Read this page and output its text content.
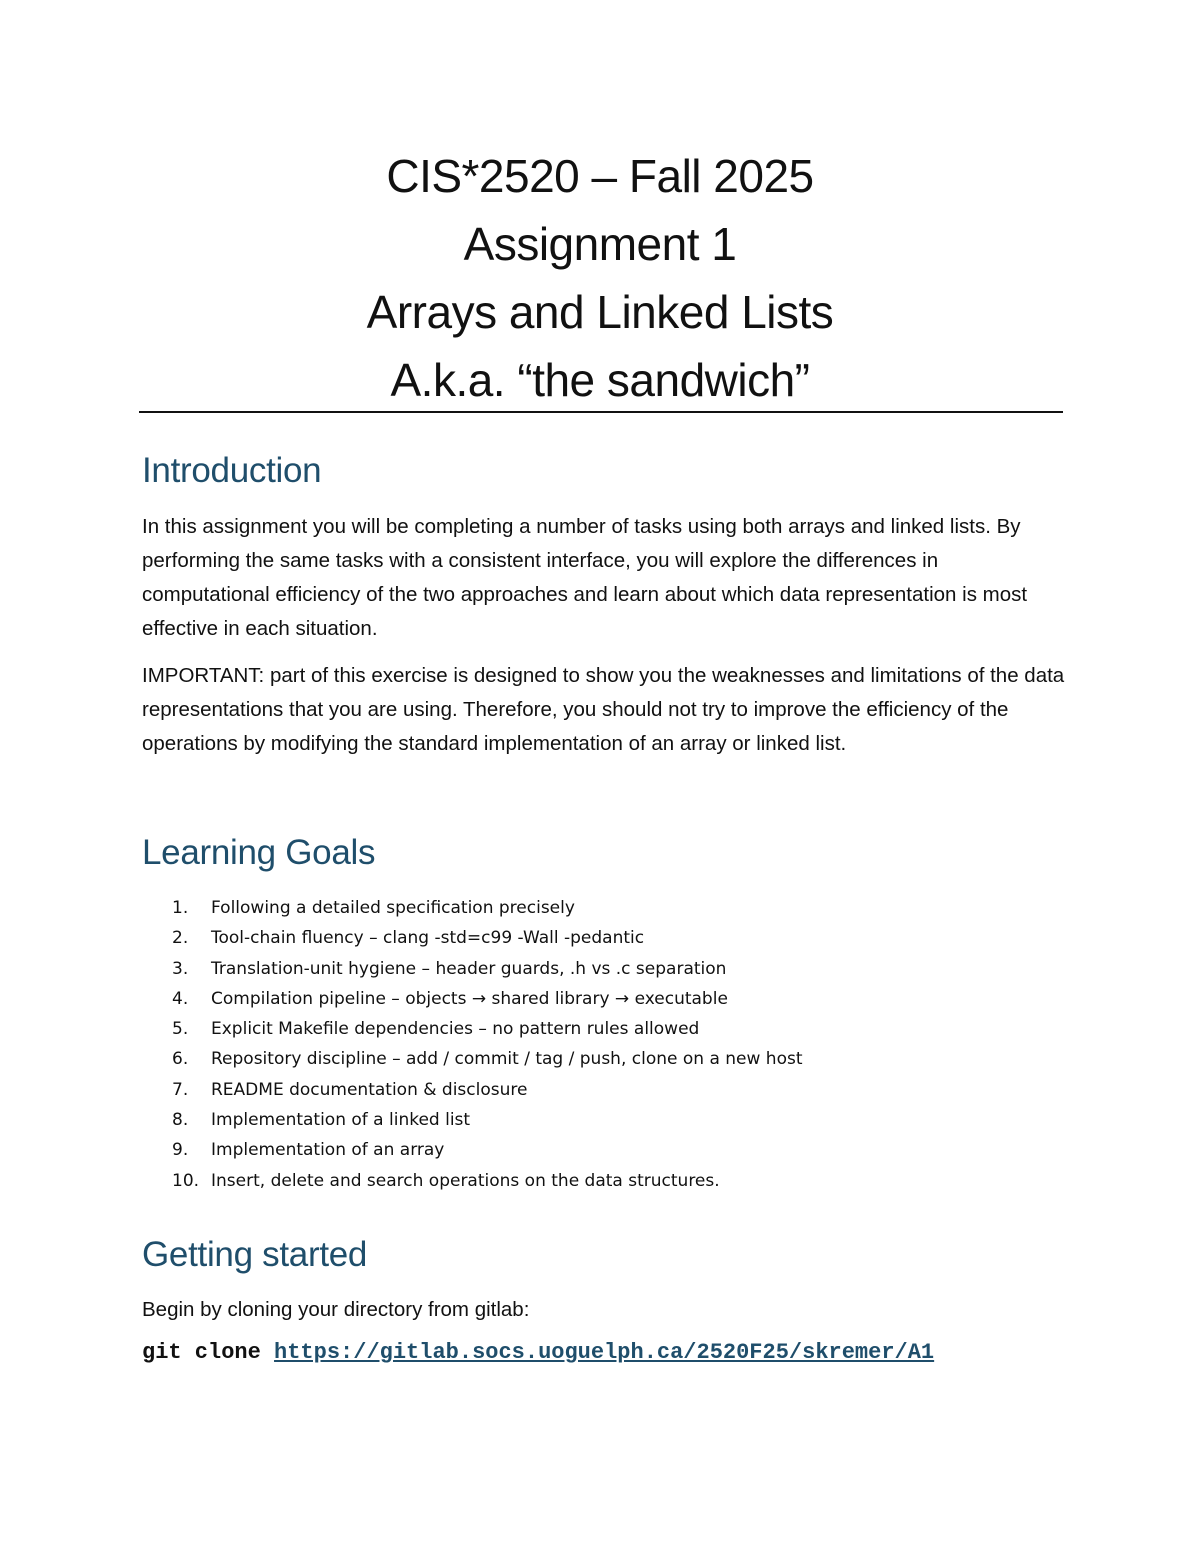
CIS*2520 – Fall 2025
Assignment 1
Arrays and Linked Lists
A.k.a. “the sandwich”
Introduction

In this assignment you will be completing a number of tasks using both arrays and linked lists. By performing the same tasks with a consistent interface, you will explore the differences in computational efficiency of the two approaches and learn about which data representation is most effective in each situation.

IMPORTANT: part of this exercise is designed to show you the weaknesses and limitations of the data representations that you are using. Therefore, you should not try to improve the efficiency of the operations by modifying the standard implementation of an array or linked list.

Learning Goals
1.	Following a detailed specification precisely
2.	Tool-chain fluency – clang -std=c99 -Wall -pedantic
3.	Translation-unit hygiene – header guards, .h vs .c separation
4.	Compilation pipeline – objects → shared library → executable
5.	Explicit Makefile dependencies – no pattern rules allowed
6.	Repository discipline – add / commit / tag / push, clone on a new host
7.	README documentation & disclosure
8.	Implementation of a linked list
9.	Implementation of an array
10. Insert, delete and search operations on the data structures.
Getting started

Begin by cloning your directory from gitlab:

git clone https://gitlab.socs.uoguelph.ca/2520F25/skremer/A1
